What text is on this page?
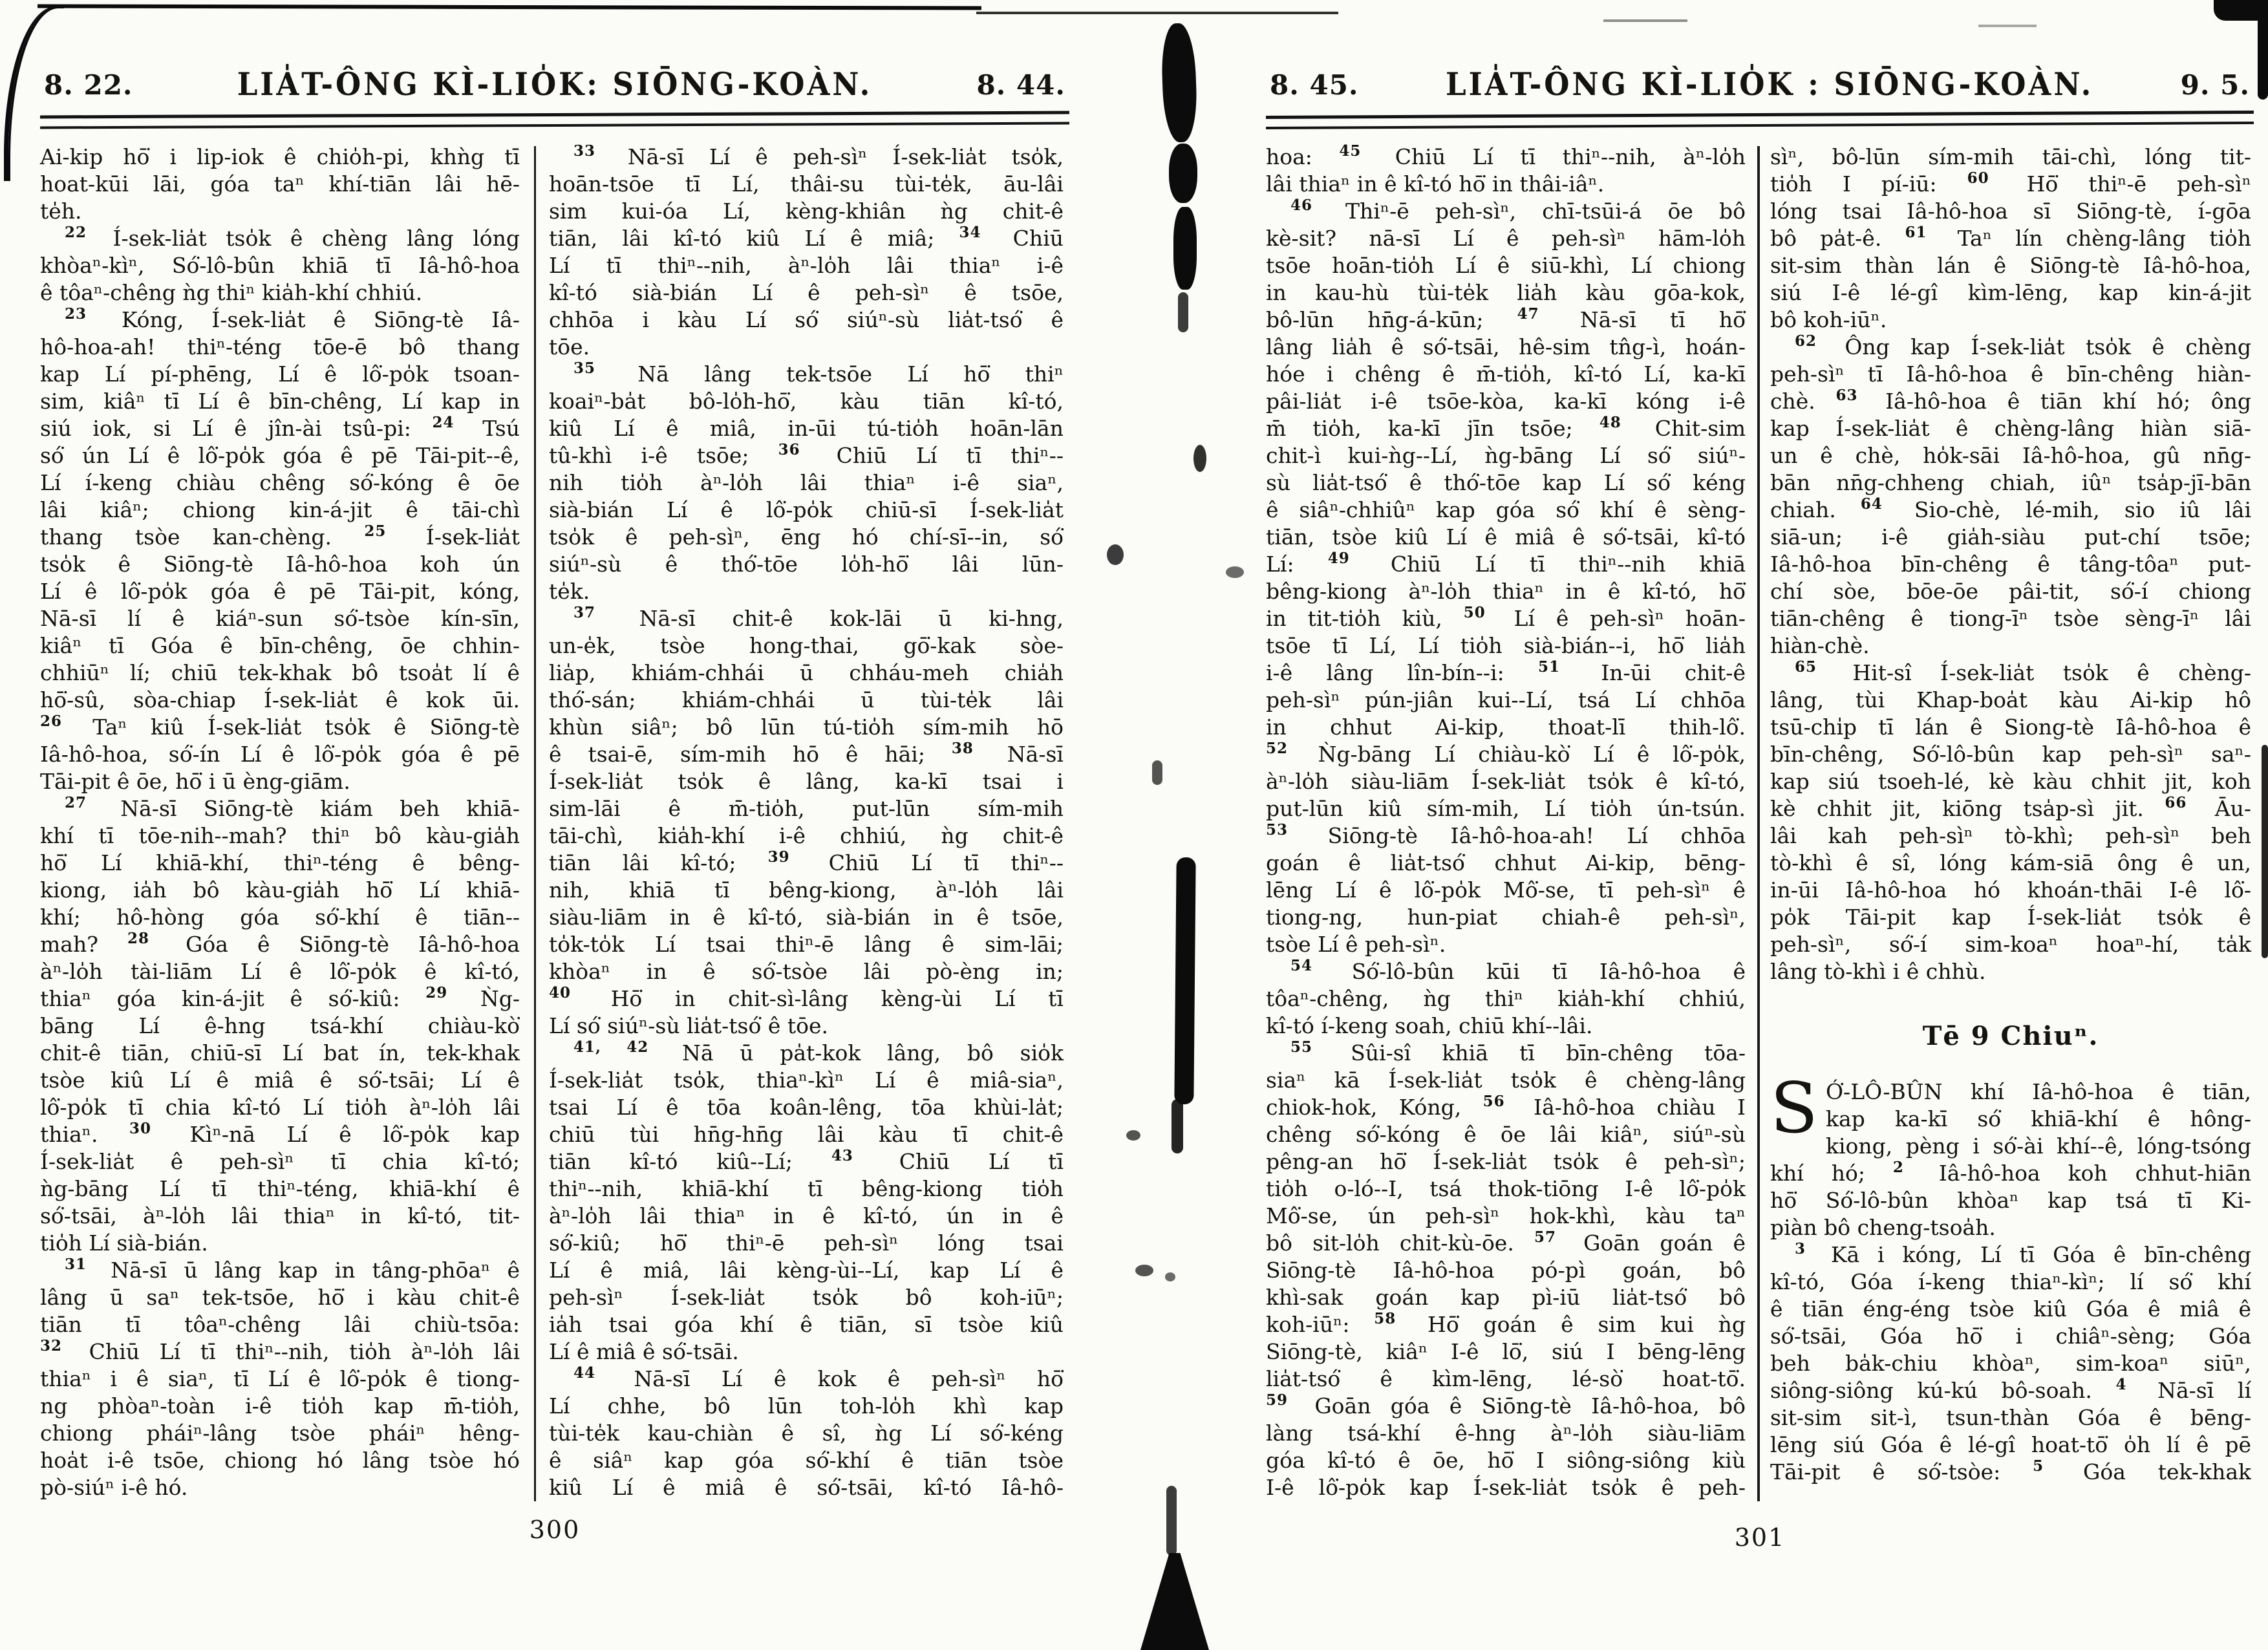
8. 22.	LIA̍T-ÔNG KÌ-LIO̍K: SIŌNG-KOÀN.	8. 44.
Ai-kip hō͘ i lip-iok ê chio̍h-pi, khǹg tī
hoat-kūi lāi, góa taⁿ khí-tiān lâi hē-
te̍h.
$^{22}$ Í-sek-lia̍t tso̍k ê chèng lâng lóng
khòaⁿ-kìⁿ, Só͘-lô-bûn khiā tī Iâ-hô-hoa
ê tôaⁿ-chêng ǹg thiⁿ kia̍h-khí chhiú.
$^{23}$ Kóng, Í-sek-lia̍t ê Siōng-tè Iâ-
hô-hoa-ah! thiⁿ-téng tōe-ē bô thang
kap Lí pí-phēng, Lí ê lô͘-po̍k tsoan-
sim, kiâⁿ tī Lí ê bīn-chêng, Lí kap in
siú iok, si Lí ê jîn-ài tsû-pi: $^{24}$ Tsú
só͘ ún Lí ê lô͘-po̍k góa ê pē Tāi-pit--ê,
Lí í-keng chiàu chêng só͘-kóng ê ōe
lâi kiâⁿ; chiong kin-á-jit ê tāi-chì
thang tsòe kan-chèng. $^{25}$ Í-sek-lia̍t
tso̍k ê Siōng-tè Iâ-hô-hoa koh ún
Lí ê lô͘-po̍k góa ê pē Tāi-pit, kóng,
Nā-sī lí ê kiáⁿ-sun só͘-tsòe kín-sīn,
kiâⁿ tī Góa ê bīn-chêng, ōe chhin-
chhiūⁿ lí; chiū tek-khak bô tsoa̍t lí ê
hō͘-sû, sòa-chiap Í-sek-lia̍t ê kok ūi.
$^{26}$ Taⁿ kiû Í-sek-lia̍t tso̍k ê Siōng-tè
Iâ-hô-hoa, só͘-ín Lí ê lô͘-po̍k góa ê pē
Tāi-pit ê ōe, hō͘ i ū èng-giām.
$^{27}$ Nā-sī Siōng-tè kiám beh khiā-
khí tī tōe-nih--mah? thiⁿ bô kàu-gia̍h
hō͘ Lí khiā-khí, thiⁿ-téng ê bêng-
kiong, ia̍h bô kàu-gia̍h hō͘ Lí khiā-
khí; hô-hòng góa só͘-khí ê tiān--
mah? $^{28}$ Góa ê Siōng-tè Iâ-hô-hoa
àⁿ-lo̍h tài-liām Lí ê lô͘-po̍k ê kî-tó,
thiaⁿ góa kin-á-jit ê só͘-kiû: $^{29}$ Ǹg-
bāng Lí ê-hng tsá-khí chiàu-kò͘
chit-ê tiān, chiū-sī Lí bat ín, tek-khak
tsòe kiû Lí ê miâ ê só͘-tsāi; Lí ê
lô͘-po̍k tī chia kî-tó Lí tio̍h àⁿ-lo̍h lâi
thiaⁿ. $^{30}$ Kìⁿ-nā Lí ê lô͘-po̍k kap
Í-sek-lia̍t ê peh-sìⁿ tī chia kî-tó;
ǹg-bāng Lí tī thiⁿ-téng, khiā-khí ê
só͘-tsāi, àⁿ-lo̍h lâi thiaⁿ in kî-tó, tit-
tio̍h Lí sià-bián.
$^{31}$ Nā-sī ū lâng kap in tâng-phōaⁿ ê
lâng ū saⁿ tek-tsōe, hō͘ i kàu chit-ê
tiān tī tôaⁿ-chêng lâi chiù-tsōa:
$^{32}$ Chiū Lí tī thiⁿ--nih, tio̍h àⁿ-lo̍h lâi
thiaⁿ i ê siaⁿ, tī Lí ê lô͘-po̍k ê tiong-
ng phòaⁿ-toàn i-ê tio̍h kap m̄-tio̍h,
chiong pháiⁿ-lâng tsòe pháiⁿ hêng-
hoa̍t i-ê tsōe, chiong hó lâng tsòe hó
pò-siúⁿ i-ê hó.
$^{33}$ Nā-sī Lí ê peh-sìⁿ Í-sek-lia̍t tso̍k,
hoān-tsōe tī Lí, thâi-su tùi-te̍k, āu-lâi
sim kui-óa Lí, kèng-khiân ǹg chit-ê
tiān, lâi kî-tó kiû Lí ê miâ; $^{34}$ Chiū
Lí tī thiⁿ--nih, àⁿ-lo̍h lâi thiaⁿ i-ê
kî-tó sià-bián Lí ê peh-sìⁿ ê tsōe,
chhōa i kàu Lí só͘ siúⁿ-sù lia̍t-tsó͘ ê
tōe.
$^{35}$ Nā lâng tek-tsōe Lí hō͘ thiⁿ
koaiⁿ-ba̍t bô-lo̍h-hō͘, kàu tiān kî-tó,
kiû Lí ê miâ, in-ūi tú-tio̍h hoān-lān
tû-khì i-ê tsōe; $^{36}$ Chiū Lí tī thiⁿ--
nih tio̍h àⁿ-lo̍h lâi thiaⁿ i-ê siaⁿ,
sià-bián Lí ê lô͘-po̍k chiū-sī Í-sek-lia̍t
tso̍k ê peh-sìⁿ, ēng hó chí-sī--in, só͘
siúⁿ-sù ê thó͘-tōe lo̍h-hō͘ lâi lūn-
te̍k.
$^{37}$ Nā-sī chit-ê kok-lāi ū ki-hng,
un-e̍k, tsòe hong-thai, gō͘-kak sòe-
lia̍p, khiám-chhái ū chháu-meh chia̍h
thó͘-sán; khiám-chhái ū tùi-te̍k lâi
khùn siâⁿ; bô lūn tú-tio̍h sím-mih hō
ê tsai-ē, sím-mih hō ê hāi; $^{38}$ Nā-sī
Í-sek-lia̍t tso̍k ê lâng, ka-kī tsai i
sim-lāi ê m̄-tio̍h, put-lūn sím-mih
tāi-chì, kia̍h-khí i-ê chhiú, ǹg chit-ê
tiān lâi kî-tó; $^{39}$ Chiū Lí tī thiⁿ--
nih, khiā tī bêng-kiong, àⁿ-lo̍h lâi
siàu-liām in ê kî-tó, sià-bián in ê tsōe,
to̍k-to̍k Lí tsai thiⁿ-ē lâng ê sim-lāi;
khòaⁿ in ê só͘-tsòe lâi pò-èng in;
$^{40}$ Hō͘ in chit-sì-lâng kèng-ùi Lí tī
Lí só͘ siúⁿ-sù lia̍t-tsó͘ ê tōe.
$^{41, 42}$ Nā ū pa̍t-kok lâng, bô sio̍k
Í-sek-lia̍t tso̍k, thiaⁿ-kìⁿ Lí ê miâ-siaⁿ,
tsai Lí ê tōa koân-lêng, tōa khùi-la̍t;
chiū tùi hn̄g-hn̄g lâi kàu tī chit-ê
tiān kî-tó kiû--Lí; $^{43}$ Chiū Lí tī
thiⁿ--nih, khiā-khí tī bêng-kiong tio̍h
àⁿ-lo̍h lâi thiaⁿ in ê kî-tó, ún in ê
só͘-kiû; hō͘ thiⁿ-ē peh-sìⁿ lóng tsai
Lí ê miâ, lâi kèng-ùi--Lí, kap Lí ê
peh-sìⁿ Í-sek-lia̍t tso̍k bô koh-iūⁿ;
ia̍h tsai góa khí ê tiān, sī tsòe kiû
Lí ê miâ ê só͘-tsāi.
$^{44}$ Nā-sī Lí ê kok ê peh-sìⁿ hō͘
Lí chhe, bô lūn toh-lo̍h khì kap
tùi-te̍k kau-chiàn ê sî, ǹg Lí só͘-kéng
ê siâⁿ kap góa só͘-khí ê tiān tsòe
kiû Lí ê miâ ê só͘-tsāi, kî-tó Iâ-hô-
300
8. 45.	LIA̍T-ÔNG KÌ-LIO̍K : SIŌNG-KOÀN.	9. 5.
hoa: $^{45}$ Chiū Lí tī thiⁿ--nih, àⁿ-lo̍h
lâi thiaⁿ in ê kî-tó hō͘ in thâi-iâⁿ.
$^{46}$ Thiⁿ-ē peh-sìⁿ, chī-tsūi-á ōe bô
kè-sit? nā-sī Lí ê peh-sìⁿ hām-lo̍h
tsōe hoān-tio̍h Lí ê siū-khì, Lí chiong
in kau-hù tùi-te̍k lia̍h kàu gōa-kok,
bô-lūn hn̄g-á-kūn; $^{47}$ Nā-sī tī hō͘
lâng lia̍h ê só͘-tsāi, hê-sim tn̂g-ì, hoán-
hóe i chêng ê m̄-tio̍h, kî-tó Lí, ka-kī
pâi-lia̍t i-ê tsōe-kòa, ka-kī kóng i-ê
m̄ tio̍h, ka-kī jīn tsōe; $^{48}$ Chit-sim
chit-ì kui-ǹg--Lí, ǹg-bāng Lí só͘ siúⁿ-
sù lia̍t-tsó͘ ê thó͘-tōe kap Lí só͘ kéng
ê siâⁿ-chhiûⁿ kap góa só͘ khí ê sèng-
tiān, tsòe kiû Lí ê miâ ê só͘-tsāi, kî-tó
Lí: $^{49}$ Chiū Lí tī thiⁿ--nih khiā
bêng-kiong àⁿ-lo̍h thiaⁿ in ê kî-tó, hō͘
in tit-tio̍h kiù, $^{50}$ Lí ê peh-sìⁿ hoān-
tsōe tī Lí, Lí tio̍h sià-bián--i, hō͘ lia̍h
i-ê lâng lîn-bín--i: $^{51}$ In-ūi chit-ê
peh-sìⁿ pún-jiân kui--Lí, tsá Lí chhōa
in chhut Ai-kip, thoat-lī thih-lô͘.
$^{52}$ Ǹg-bāng Lí chiàu-kò͘ Lí ê lô͘-po̍k,
àⁿ-lo̍h siàu-liām Í-sek-lia̍t tso̍k ê kî-tó,
put-lūn kiû sím-mih, Lí tio̍h ún-tsún.
$^{53}$ Siōng-tè Iâ-hô-hoa-ah! Lí chhōa
goán ê lia̍t-tsó͘ chhut Ai-kip, bēng-
lēng Lí ê lô͘-po̍k Mô͘-se, tī peh-sìⁿ ê
tiong-ng, hun-piat chiah-ê peh-sìⁿ,
tsòe Lí ê peh-sìⁿ.
$^{54}$ Só͘-lô-bûn kūi tī Iâ-hô-hoa ê
tôaⁿ-chêng, ǹg thiⁿ kia̍h-khí chhiú,
kî-tó í-keng soah, chiū khí--lâi.
$^{55}$ Sûi-sî khiā tī bīn-chêng tōa-
siaⁿ kā Í-sek-lia̍t tso̍k ê chèng-lâng
chiok-hok, Kóng, $^{56}$ Iâ-hô-hoa chiàu I
chêng só͘-kóng ê ōe lâi kiâⁿ, siúⁿ-sù
pêng-an hō͘ Í-sek-lia̍t tso̍k ê peh-sìⁿ;
tio̍h o-ló--I, tsá thok-tiōng I-ê lô͘-po̍k
Mô͘-se, ún peh-sìⁿ hok-khì, kàu taⁿ
bô sit-lo̍h chit-kù-ōe. $^{57}$ Goān goán ê
Siōng-tè Iâ-hô-hoa pó-pì goán, bô
khì-sak goán kap pì-iū lia̍t-tsó͘ bô
koh-iūⁿ: $^{58}$ Hō͘ goán ê sim kui ǹg
Siōng-tè, kiâⁿ I-ê lō͘, siú I bēng-lēng
lia̍t-tsó͘ ê kìm-lēng, lé-sò͘ hoat-tō͘.
$^{59}$ Goān góa ê Siōng-tè Iâ-hô-hoa, bô
làng tsá-khí ê-hng àⁿ-lo̍h siàu-liām
góa kî-tó ê ōe, hō͘ I siông-siông kiù
I-ê lô͘-po̍k kap Í-sek-lia̍t tso̍k ê peh-
sìⁿ, bô-lūn sím-mih tāi-chì, lóng tit-
tio̍h I pí-iū: $^{60}$ Hō͘ thiⁿ-ē peh-sìⁿ
lóng tsai Iâ-hô-hoa sī Siōng-tè, í-gōa
bô pa̍t-ê. $^{61}$ Taⁿ lín chèng-lâng tio̍h
sit-sim thàn lán ê Siōng-tè Iâ-hô-hoa,
siú I-ê lé-gî kìm-lēng, kap kin-á-jit
bô koh-iūⁿ.
$^{62}$ Ông kap Í-sek-lia̍t tso̍k ê chèng
peh-sìⁿ tī Iâ-hô-hoa ê bīn-chêng hiàn-
chè. $^{63}$ Iâ-hô-hoa ê tiān khí hó; ông
kap Í-sek-lia̍t ê chèng-lâng hiàn siā-
un ê chè, ho̍k-sāi Iâ-hô-hoa, gû nn̄g-
bān nn̄g-chheng chiah, iûⁿ tsa̍p-jī-bān
chiah. $^{64}$ Sio-chè, lé-mih, sio iû lâi
siā-un; i-ê gia̍h-siàu put-chí tsōe;
Iâ-hô-hoa bīn-chêng ê tâng-tôaⁿ put-
chí sòe, bōe-ōe pâi-tit, só͘-í chiong
tiān-chêng ê tiong-īⁿ tsòe sèng-īⁿ lâi
hiàn-chè.
$^{65}$ Hit-sî Í-sek-lia̍t tso̍k ê chèng-
lâng, tùi Khap-boa̍t kàu Ai-kip hô
tsū-chi̍p tī lán ê Siong-tè Iâ-hô-hoa ê
bīn-chêng, Só͘-lô-bûn kap peh-sìⁿ saⁿ-
kap siú tsoeh-lé, kè kàu chhit jit, koh
kè chhit jit, kiōng tsa̍p-sì jit. $^{66}$ Āu-
lâi kah peh-sìⁿ tò-khì; peh-sìⁿ beh
tò-khì ê sî, lóng kám-siā ông ê un,
in-ūi Iâ-hô-hoa hó khoán-thāi I-ê lô͘-
po̍k Tāi-pit kap Í-sek-lia̍t tso̍k ê
peh-sìⁿ, só͘-í sim-koaⁿ hoaⁿ-hí, ta̍k
lâng tò-khì i ê chhù.
Tē 9 Chiuⁿ.
S Ó͘-LÔ-BÛN khí Iâ-hô-hoa ê tiān,
kap ka-kī só͘ khiā-khí ê hông-
kiong, pèng i só͘-ài khí--ê, lóng-tsóng
khí hó; $^2$ Iâ-hô-hoa koh chhut-hiān
hō͘ Só͘-lô-bûn khòaⁿ kap tsá tī Ki-
piàn bô cheng-tsoa̍h.
$^3$ Kā i kóng, Lí tī Góa ê bīn-chêng
kî-tó, Góa í-keng thiaⁿ-kìⁿ; lí só͘ khí
ê tiān éng-éng tsòe kiû Góa ê miâ ê
só͘-tsāi, Góa hō͘ i chiâⁿ-sèng; Góa
beh ba̍k-chiu khòaⁿ, sim-koaⁿ siūⁿ,
siông-siông kú-kú bô-soah. $^4$ Nā-sī lí
sit-sim sit-ì, tsun-thàn Góa ê bēng-
lēng siú Góa ê lé-gî hoat-tō͘ o̍h lí ê pē
Tāi-pit ê só͘-tsòe: $^5$ Góa tek-khak
301
